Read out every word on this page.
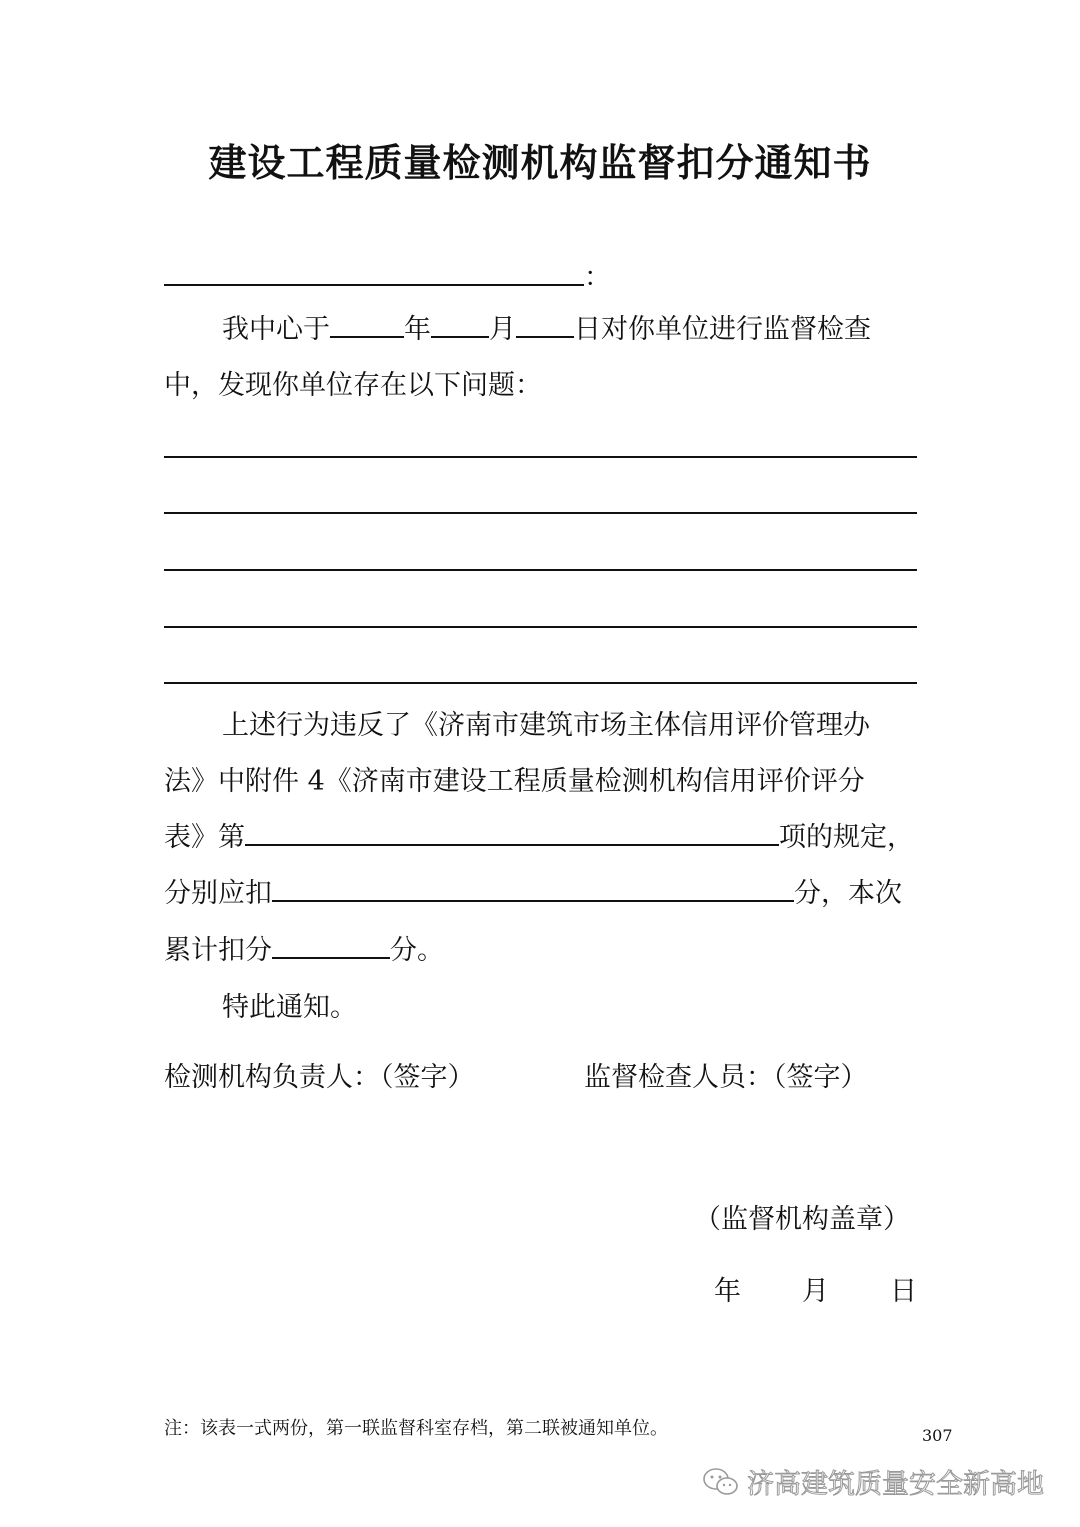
建设工程质量检测机构监督扣分通知书
：
我中心于	年 月 日对你单位进行监督检查
中，发现你单位存在以下问题：
上述行为违反了《济南市建筑市场主体信用评价管理办
法》中附件 4《济南市建设工程质量检测机构信用评价评分
表》第	项的规定，
分别应扣	分，本次
累计扣分	分。
特此通知。
检测机构负责人：（签字）	监督检查人员：（签字）
（监督机构盖章）
年 月 日
注：该表一式两份，第一联监督科室存档，第二联被通知单位。	307
济高建筑质量安全新高地
